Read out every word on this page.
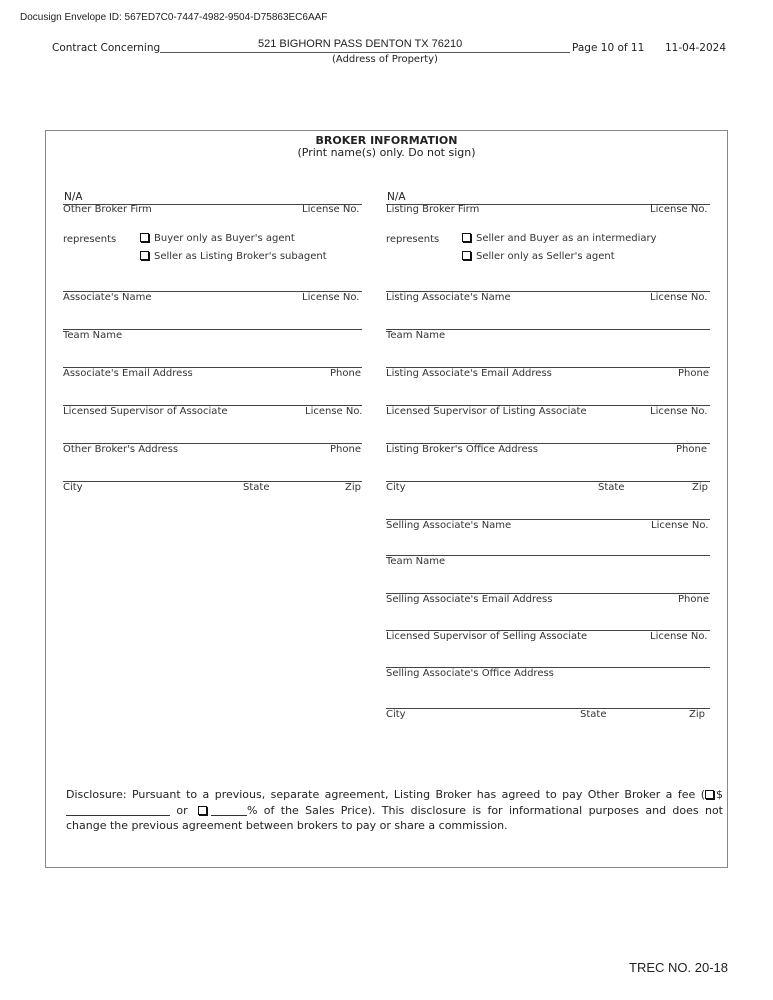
Docusign Envelope ID: 567ED7C0-7447-4982-9504-D75863EC6AAF
Contract Concerning	521 BIGHORN PASS DENTON TX 76210
(Address of Property)
Page 10 of 11 11-04-2024
BROKER INFORMATION
(Print name(s) only. Do not sign)
N/A
Other Broker Firm	License No.
represents	Buyer only as Buyer's agent
Seller as Listing Broker's subagent
Associate's Name	License No.
Team Name
Associate's Email Address	Phone
Licensed Supervisor of Associate	License No.
Other Broker's Address	Phone
City	State	Zip
N/A
Listing Broker Firm	License No.
represents	Seller and Buyer as an intermediary
Seller only as Seller's agent
Listing Associate's Name	License No.
Team Name
Listing Associate's Email Address	Phone
Licensed Supervisor of Listing Associate	License No.
Listing Broker's Office Address	Phone
City	State	Zip
Selling Associate's Name	License No.
Team Name
Selling Associate's Email Address	Phone
Licensed Supervisor of Selling Associate	License No.
Selling Associate's Office Address
City	State	Zip
Disclosure: Pursuant to a previous, separate agreement, Listing Broker has agreed to pay Other Broker a fee ( $ or	% of the Sales Price). This disclosure is for informational purposes and does not change the previous agreement between brokers to pay or share a commission.
TREC NO. 20-18
